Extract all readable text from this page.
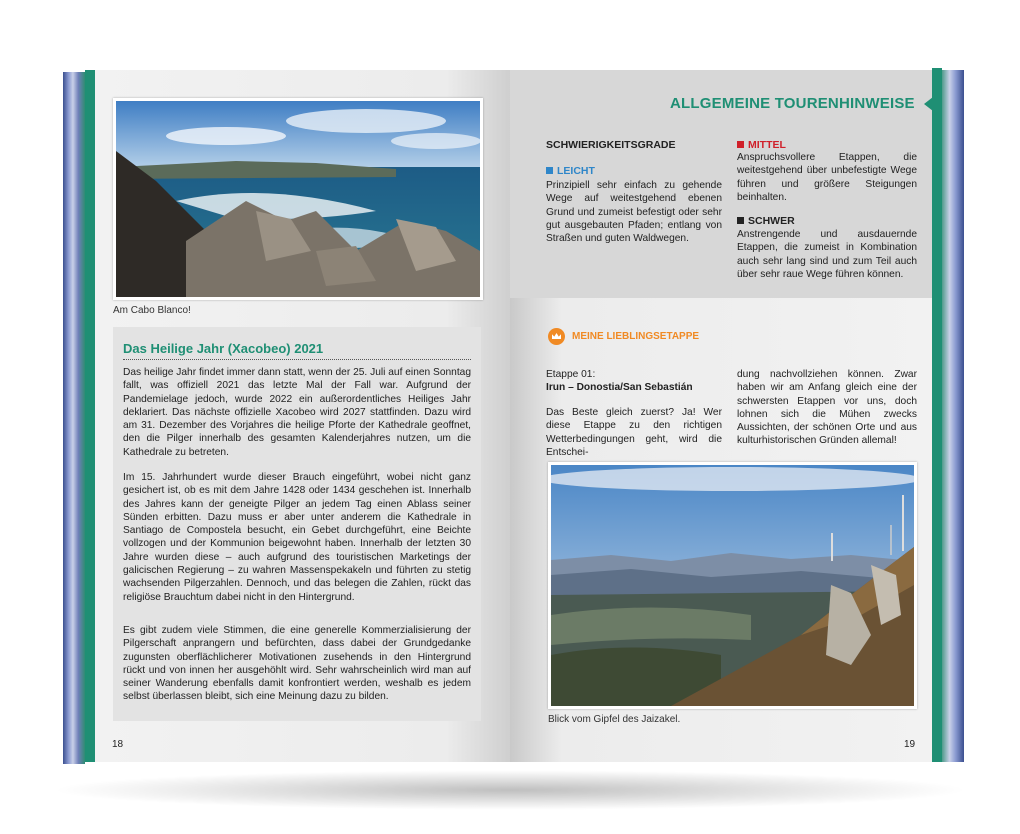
Am Cabo Blanco!
Das Heilige Jahr (Xacobeo) 2021

Das heilige Jahr findet immer dann statt, wenn der 25. Juli auf einen Sonntag fallt, was offiziell 2021 das letzte Mal der Fall war. Aufgrund der Pandemielage jedoch, wurde 2022 ein außerordentliches Heiliges Jahr deklariert. Das nächste offizielle Xacobeo wird 2027 stattfinden. Dazu wird am 31. Dezember des Vorjahres die heilige Pforte der Kathedrale geoffnet, den die Pilger innerhalb des gesamten Kalenderjahres nutzen, um die Kathedrale zu betreten.

Im 15. Jahrhundert wurde dieser Brauch eingeführt, wobei nicht ganz gesichert ist, ob es mit dem Jahre 1428 oder 1434 geschehen ist. Innerhalb des Jahres kann der geneigte Pilger an jedem Tag einen Ablass seiner Sünden erbitten. Dazu muss er aber unter anderem die Kathedrale in Santiago de Compostela besucht, ein Gebet durchgeführt, eine Beichte vollzogen und der Kommunion beigewohnt haben. Innerhalb der letzten 30 Jahre wurden diese – auch aufgrund des touristischen Marketings der galicischen Regierung – zu wahren Massenspekakeln und führten zu stetig wachsenden Pilgerzahlen. Dennoch, und das belegen die Zahlen, rückt das religiöse Brauchtum dabei nicht in den Hintergrund.

Es gibt zudem viele Stimmen, die eine generelle Kommerzialisierung der Pilgerschaft anprangern und befürchten, dass dabei der Grundgedanke zugunsten oberflächlicherer Motivationen zusehends in den Hintergrund rückt und von innen her ausgehöhlt wird. Sehr wahrscheinlich wird man auf seiner Wanderung ebenfalls damit konfrontiert werden, weshalb es jedem selbst überlassen bleibt, sich eine Meinung dazu zu bilden.

18
ALLGEMEINE TOURENHINWEISE
SCHWIERIGKEITSGRADE
LEICHT

Prinzipiell sehr einfach zu gehende Wege auf weitestgehend ebenen Grund und zumeist befestigt oder sehr gut ausgebauten Pfaden; entlang von Straßen und guten Waldwegen.

MITTEL

Anspruchsvollere Etappen, die weitestgehend über unbefestigte Wege führen und größere Steigungen beinhalten.

SCHWER

Anstrengende und ausdauernde Etappen, die zumeist in Kombination auch sehr lang sind und zum Teil auch über sehr raue Wege führen können.

MEINE LIEBLINGSETAPPE
Etappe 01:
Irun – Donostia/San Sebastián

Das Beste gleich zuerst? Ja! Wer diese Etappe zu den richtigen Wetterbedingungen geht, wird die Entschei-

dung nachvollziehen können. Zwar haben wir am Anfang gleich eine der schwersten Etappen vor uns, doch lohnen sich die Mühen zwecks Aussichten, der schönen Orte und aus kulturhistorischen Gründen allemal!

Blick vom Gipfel des Jaizakel.
19
